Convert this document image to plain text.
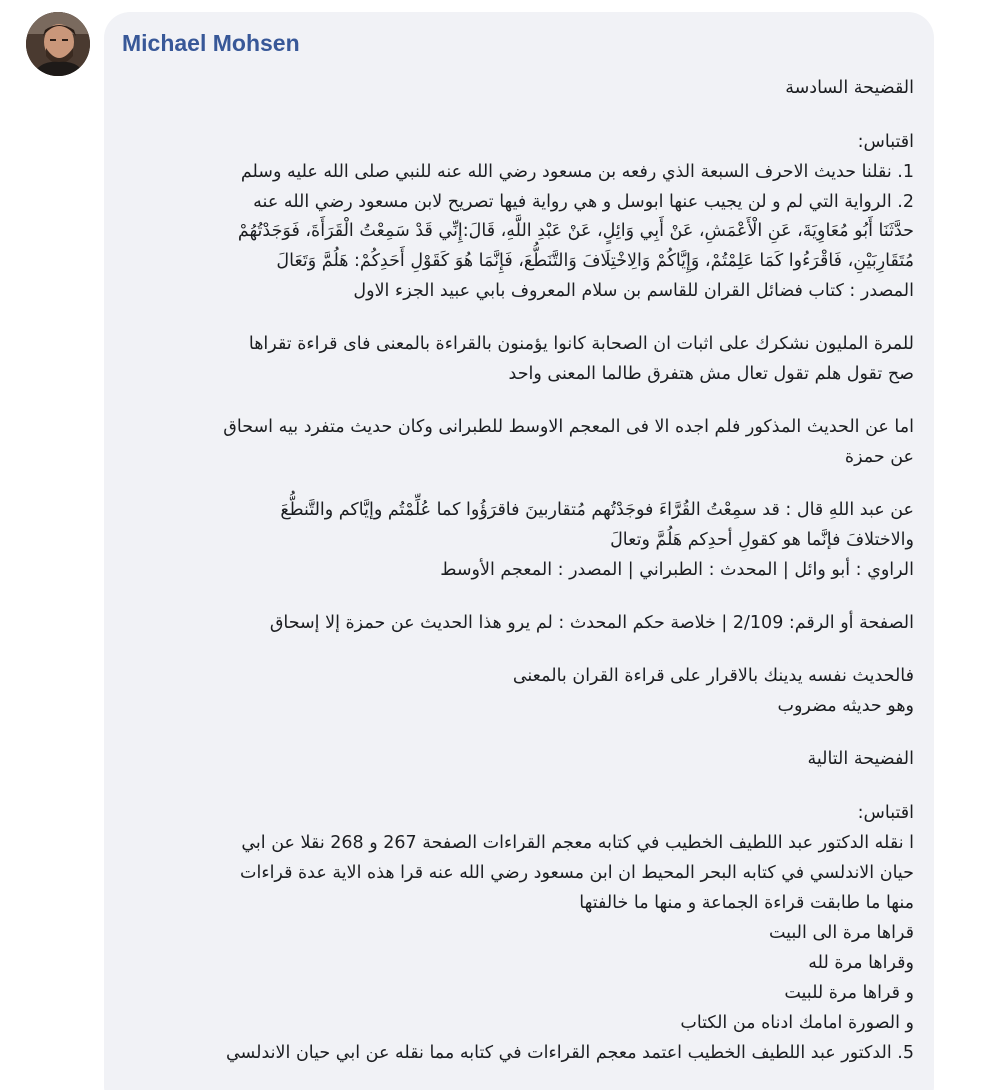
Michael Mohsen
القضيحة السادسة
اقتباس:
1. نقلنا حديث الاحرف السبعة الذي رفعه بن مسعود رضي الله عنه للنبي صلى الله عليه وسلم
2. الرواية التي لم و لن يجيب عنها ابوسل و هي رواية فيها تصريح لابن مسعود رضي الله عنه
حدَّثَنَا أَبُو مُعَاوِيَةَ، عَنِ الْأَعْمَشِ، عَنْ أَبِي وَائِلٍ، عَنْ عَبْدِ اللَّهِ، قَالَ:إِنِّي قَدْ سَمِعْتُ الْقَرَأَةَ، فَوَجَدْتُهُمْ
مُتَقَارِبَيْنِ، فَاقْرَءُوا كَمَا عَلِمْتُمْ، وَإِيَّاكُمْ وَالِاخْتِلَافَ وَالتَّنَطُّعَ، فَإِنَّمَا هُوَ كَقَوْلِ أَحَدِكُمْ: هَلُمَّ وَتَعَالَ
المصدر : كتاب فضائل القران للقاسم بن سلام المعروف بابي عبيد الجزء الاول
للمرة المليون نشكرك على اثبات ان الصحابة كانوا يؤمنون بالقراءة بالمعنى فاى قراءة تقراها
صح تقول هلم تقول تعال مش هتفرق طالما المعنى واحد
اما عن الحديث المذكور فلم اجده الا فى المعجم الاوسط للطبرانى وكان حديث متفرد بيه اسحاق
عن حمزة
عن عبد اللهِ قال : قد سمِعْتُ القُرَّاءَ فوجَدْتُهم مُتقاربينَ فاقرَؤُوا كما عُلِّمْتُم وإيَّاكم والتَّنطُّعَ
والاختلافَ فإنَّما هو كقولِ أحدِكم هَلُمَّ وتعالَ
الراوي : أبو وائل | المحدث : الطبراني | المصدر : المعجم الأوسط
الصفحة أو الرقم: 2/109 | خلاصة حكم المحدث : لم يرو هذا الحديث عن حمزة إلا إسحاق
فالحديث نفسه يدينك بالاقرار على قراءة القران بالمعنى
وهو حديثه مضروب
الفضيحة التالية
اقتباس:
ا نقله الدكتور عبد اللطيف الخطيب في كتابه معجم القراءات الصفحة 267 و 268 نقلا عن ابي
حيان الاندلسي في كتابه البحر المحيط ان ابن مسعود رضي الله عنه قرا هذه الاية عدة قراءات
منها ما طابقت قراءة الجماعة و منها ما خالفتها
قراها مرة الى البيت
وقراها مرة لله
و قراها مرة للبيت
و الصورة امامك ادناه من الكتاب
5. الدكتور عبد اللطيف الخطيب اعتمد معجم القراءات في كتابه مما نقله عن ابي حيان الاندلسي
